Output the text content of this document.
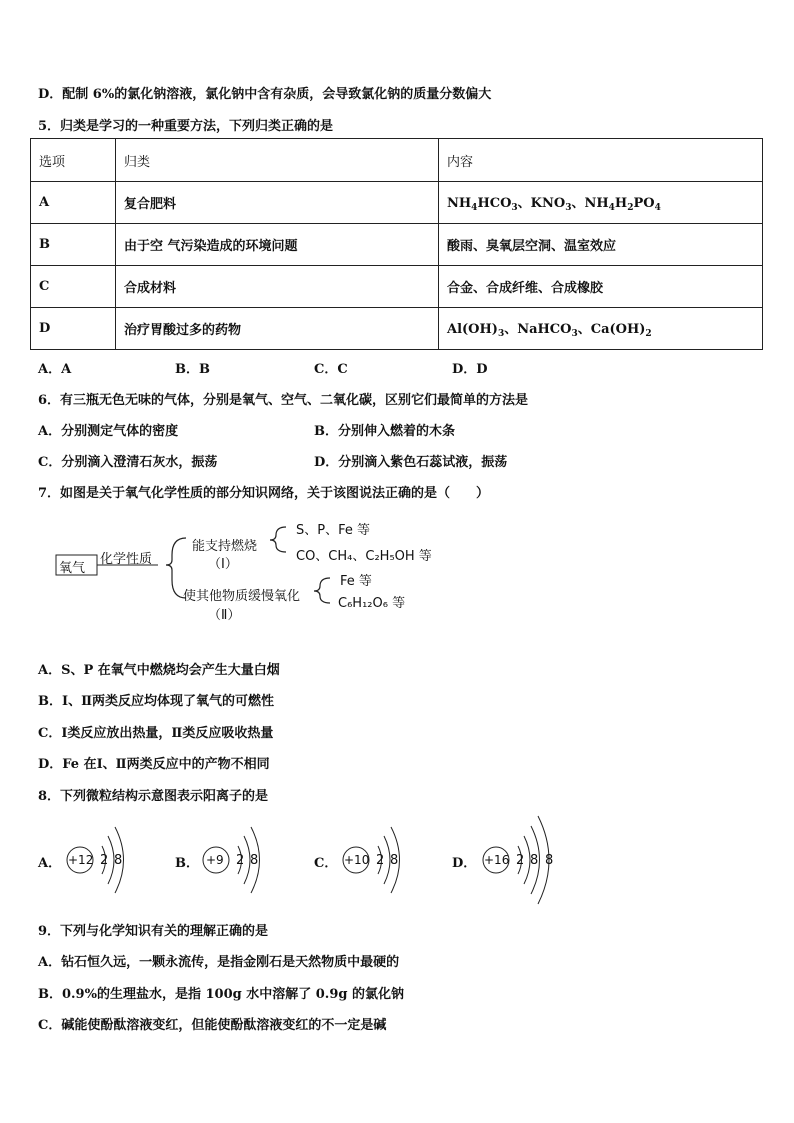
D．配制 6%的氯化钠溶液，氯化钠中含有杂质，会导致氯化钠的质量分数偏大
5．归类是学习的一种重要方法，下列归类正确的是
选项	归类	内容
A	复合肥料	$NH_4HCO_3$、$KNO_3$、$NH_4H_2PO_4$
B	由于空 气污染造成的环境问题	酸雨、臭氧层空洞、温室效应
C	合成材料	合金、合成纤维、合成橡胶
D	治疗胃酸过多的药物	$Al(OH)_3$、NaHCO$_3$、$Ca(OH)_2$
A．A	B．B	C．C	D．D
6．有三瓶无色无味的气体，分别是氧气、空气、二氧化碳，区别它们最简单的方法是
A．分别测定气体的密度	B．分别伸入燃着的木条
C．分别滴入澄清石灰水，振荡	D．分别滴入紫色石蕊试液，振荡
7．如图是关于氧气化学性质的部分知识网络，关于该图说法正确的是（　　）
氧气
化学性质
能支持燃烧
（Ⅰ）
S、P、Fe 等
CO、CH₄、C₂H₅OH 等
使其他物质缓慢氧化
（Ⅱ）
Fe 等
C₆H₁₂O₆ 等
A．S、P 在氧气中燃烧均会产生大量白烟
B．Ⅰ、Ⅱ两类反应均体现了氧气的可燃性
C．Ⅰ类反应放出热量，Ⅱ类反应吸收热量
D．Fe 在Ⅰ、Ⅱ两类反应中的产物不相同
8．下列微粒结构示意图表示阳离子的是
A． +12 2 8	B． +9 2 8	C． +10 2 8	D． +16 2 8 8
9．下列与化学知识有关的理解正确的是
A．钻石恒久远，一颗永流传，是指金刚石是天然物质中最硬的
B．0.9%的生理盐水，是指 100g 水中溶解了 0.9g 的氯化钠
C．碱能使酚酞溶液变红，但能使酚酞溶液变红的不一定是碱
